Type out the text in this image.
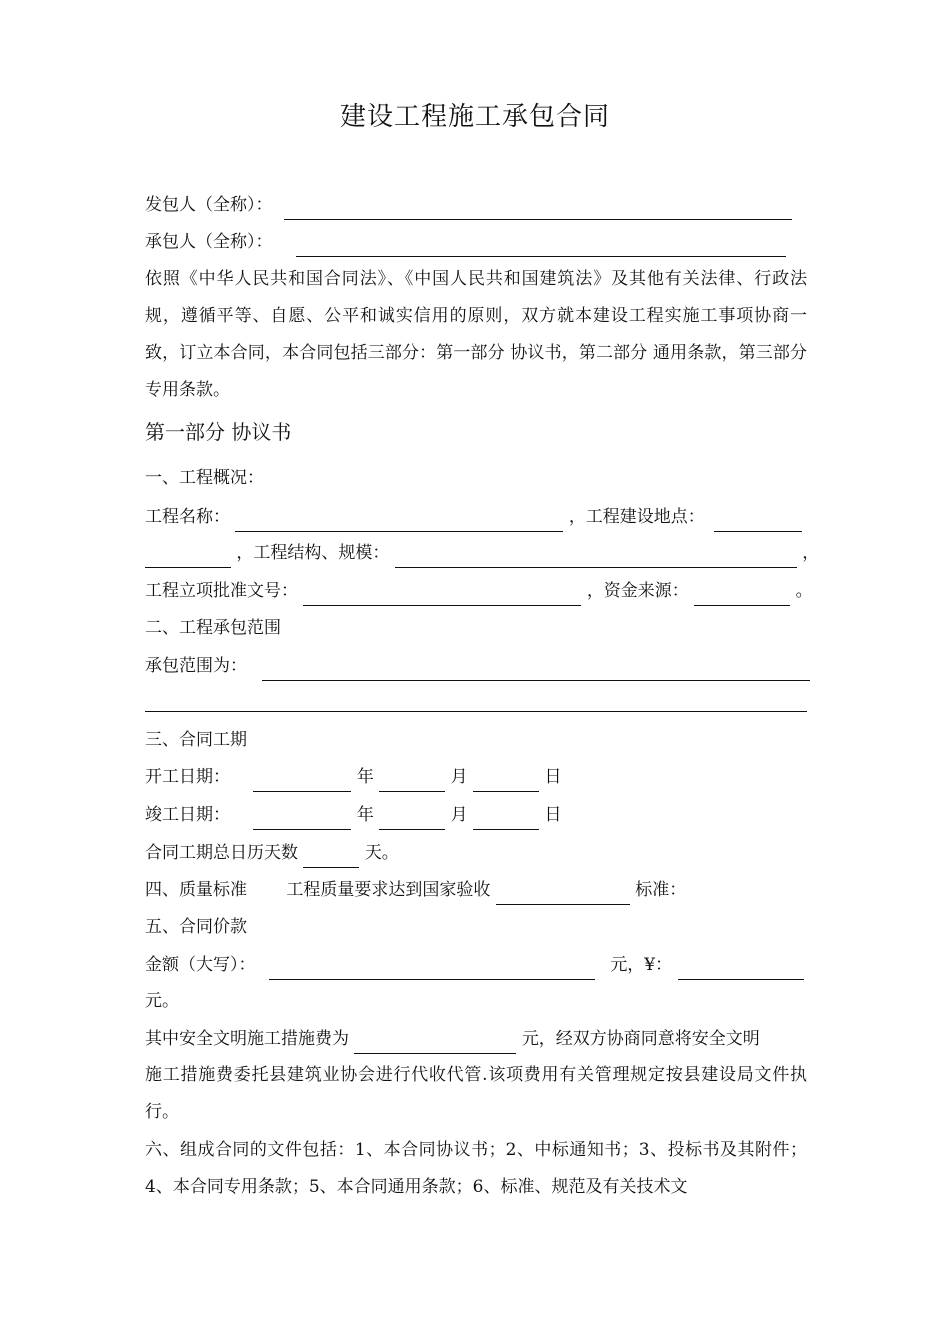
建设工程施工承包合同
发包人（全称）：
承包人（全称）：
依照《中华人民共和国合同法》、《中国人民共和国建筑法》及其他有关法律、行政法规，遵循平等、自愿、公平和诚实信用的原则，双方就本建设工程实施工事项协商一致，订立本合同，本合同包括三部分：第一部分 协议书，第二部分 通用条款，第三部分 专用条款。
第一部分 协议书
一、工程概况：
工程名称：	，工程建设地点：
，工程结构、规模：	，
工程立项批准文号：	，资金来源：	。
二、工程承包范围
承包范围为：
三、合同工期
开工日期：	年	月	日
竣工日期：	年	月	日
合同工期总日历天数	天。
四、质量标准 工程质量要求达到国家验收	标准：
五、合同价款
金额（大写）：	元，¥：
元。
其中安全文明施工措施费为	元，经双方协商同意将安全文明
施工措施费委托县建筑业协会进行代收代管.该项费用有关管理规定按县建设局文件执行。
六、组成合同的文件包括：1、本合同协议书；2、中标通知书；3、投标书及其附件；4、本合同专用条款；5、本合同通用条款；6、标准、规范及有关技术文
